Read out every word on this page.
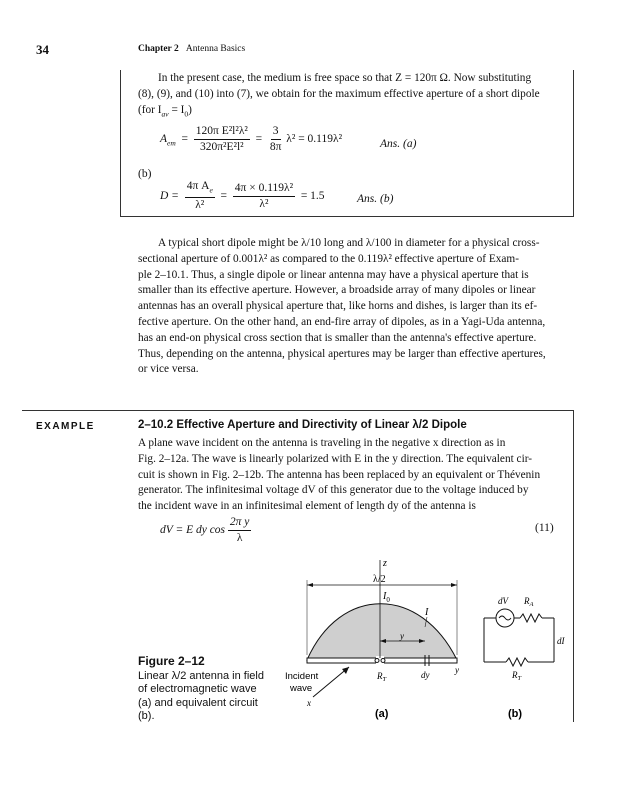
34	Chapter 2 Antenna Basics
In the present case, the medium is free space so that Z = 120π Ω. Now substituting
(8), (9), and (10) into (7), we obtain for the maximum effective aperture of a short dipole
(for $I_{av} = I_0$)
$A_{em} = \frac{\text{120π E²l²λ²}}{\text{320π²E²l²}} = \frac{3}{8\pi} \lambda^2 = 0.119\lambda^2$	Ans. (a)
(b)
$D = \frac{4\pi A_e}{\text{λ²}} = \frac{\text{4π × 0.119λ²}}{\text{λ²}} = 1.5$	Ans. (b)
A typical short dipole might be λ/10 long and λ/100 in diameter for a physical cross-
sectional aperture of 0.001λ² as compared to the 0.119λ² effective aperture of Exam-
ple 2–10.1. Thus, a single dipole or linear antenna may have a physical aperture that is
smaller than its effective aperture. However, a broadside array of many dipoles or linear
antennas has an overall physical aperture that, like horns and dishes, is larger than its ef-
fective aperture. On the other hand, an end-fire array of dipoles, as in a Yagi-Uda antenna,
has an end-on physical cross section that is smaller than the antenna's effective aperture.
Thus, depending on the antenna, physical apertures may be larger than effective apertures,
or vice versa.
EXAMPLE	2–10.2 Effective Aperture and Directivity of Linear λ/2 Dipole
A plane wave incident on the antenna is traveling in the negative x direction as in
Fig. 2–12a. The wave is linearly polarized with E in the y direction. The equivalent cir-
cuit is shown in Fig. 2–12b. The antenna has been replaced by an equivalent or Thévenin
generator. The infinitesimal voltage dV of this generator due to the voltage induced by
the incident wave in an infinitesimal element of length dy of the antenna is
dV = E dy $\cos \frac{\text{2π y}}{\lambda}$	(11)
Figure 2–12
Linear λ/2 antenna in field of electromagnetic wave (a) and equivalent circuit (b).
z
λ/2
$I_0$
I
y
y
$R_T$	dy
Incident
wave
x
(a)
dV $R_A$
dI
$R_T$
(b)
